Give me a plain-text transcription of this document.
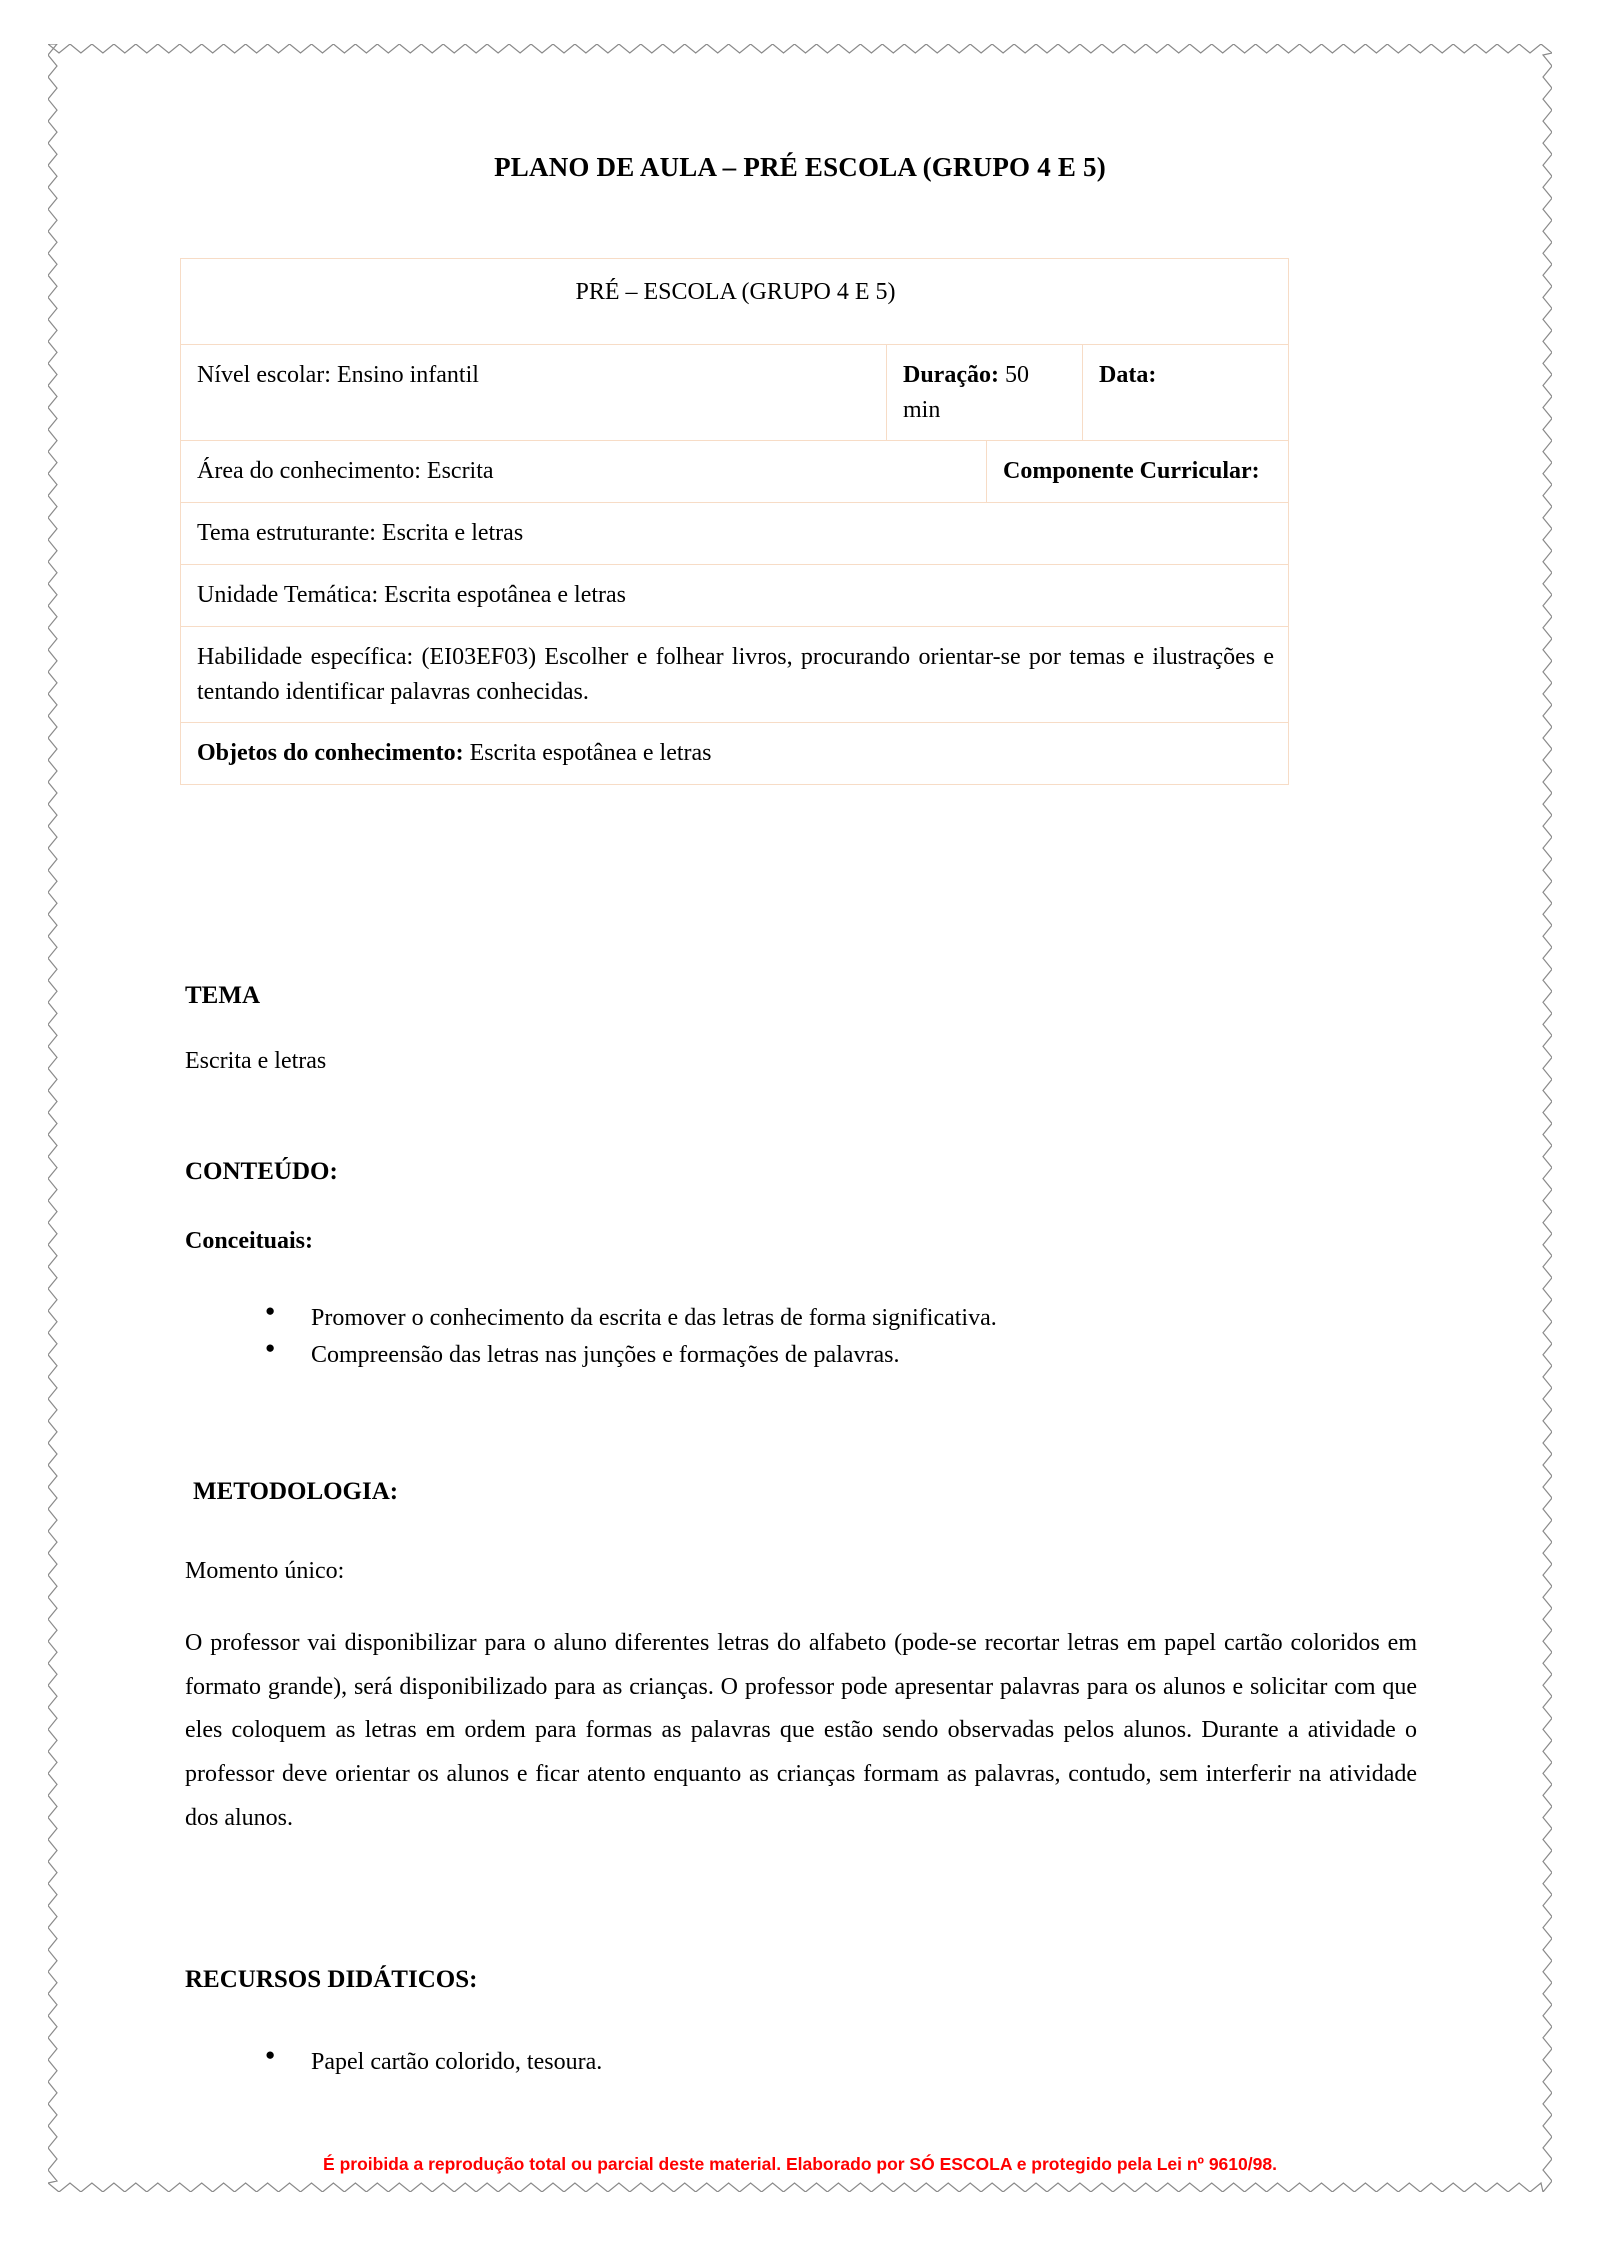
PLANO DE AULA – PRÉ ESCOLA (GRUPO 4 E 5)
PRÉ – ESCOLA (GRUPO 4 E 5)			
Nível escolar: Ensino infantil	Duração: 50 min		Data:
Área do conhecimento: Escrita		Componente Curricular:	
Tema estruturante: Escrita e letras			
Unidade Temática: Escrita espotânea e letras			
Habilidade específica: (EI03EF03) Escolher e folhear livros, procurando orientar-se por temas e ilustrações e tentando identificar palavras conhecidas.			
Objetos do conhecimento: Escrita espotânea e letras			
TEMA
Escrita e letras
CONTEÚDO:
Conceituais:
● Promover o conhecimento da escrita e das letras de forma significativa.
● Compreensão das letras nas junções e formações de palavras.
METODOLOGIA:
Momento único:
O professor vai disponibilizar para o aluno diferentes letras do alfabeto (pode-se recortar letras em papel cartão coloridos em formato grande), será disponibilizado para as crianças. O professor pode apresentar palavras para os alunos e solicitar com que eles coloquem as letras em ordem para formas as palavras que estão sendo observadas pelos alunos. Durante a atividade o professor deve orientar os alunos e ficar atento enquanto as crianças formam as palavras, contudo, sem interferir na atividade dos alunos.
RECURSOS DIDÁTICOS:
● Papel cartão colorido, tesoura.
É proibida a reprodução total ou parcial deste material. Elaborado por SÓ ESCOLA e protegido pela Lei nº 9610/98.
